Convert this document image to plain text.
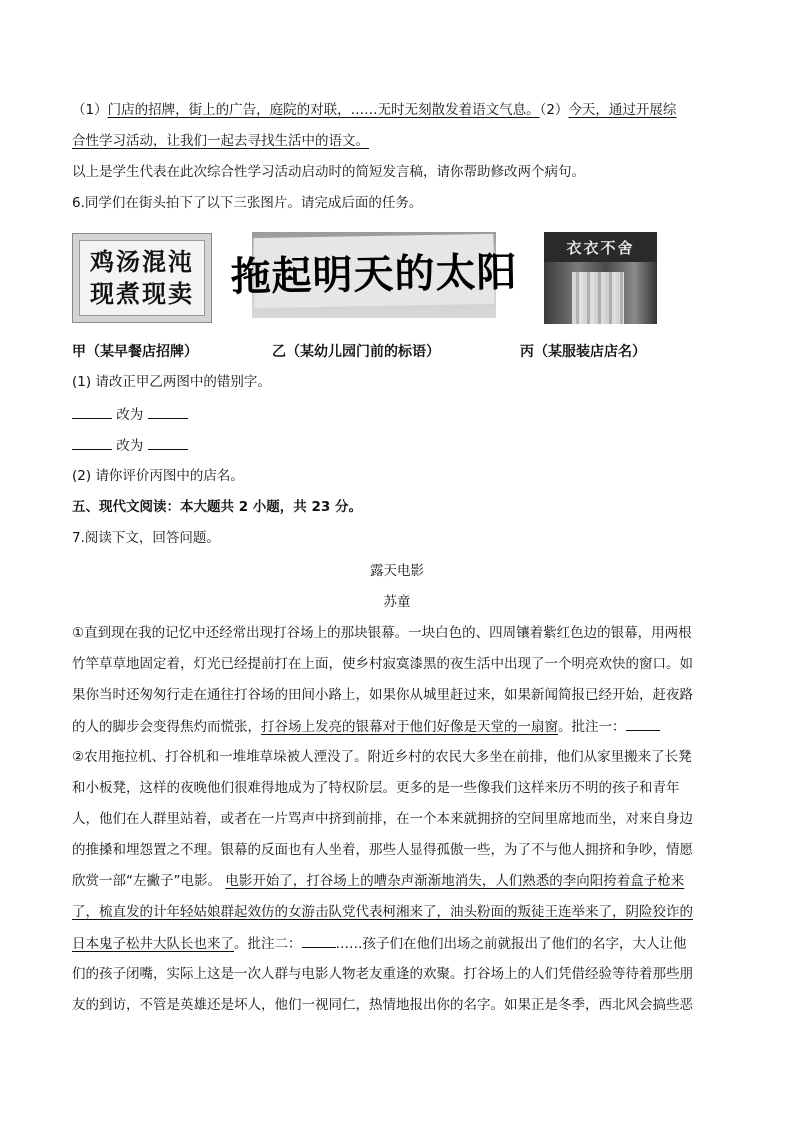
（1）门店的招牌，街上的广告，庭院的对联，……无时无刻散发着语文气息。（2）今天，通过开展综
合性学习活动，让我们一起去寻找生活中的语文。
以上是学生代表在此次综合性学习活动启动时的简短发言稿，请你帮助修改两个病句。
6.同学们在街头拍下了以下三张图片。请完成后面的任务。
鸡汤混沌
现煮现卖 拖起明天的太阳
衣衣不舍
甲（某早餐店招牌）	乙（某幼儿园门前的标语）	丙（某服装店店名）
(1) 请改正甲乙两图中的错别字。
改为
改为
(2) 请你评价丙图中的店名。
五、现代文阅读：本大题共 2 小题，共 23 分。
7.阅读下文，回答问题。
露天电影
苏童
①直到现在我的记忆中还经常出现打谷场上的那块银幕。一块白色的、四周镶着紫红色边的银幕，用两根
竹竿草草地固定着，灯光已经提前打在上面，使乡村寂寞漆黑的夜生活中出现了一个明亮欢快的窗口。如
果你当时还匆匆行走在通往打谷场的田间小路上，如果你从城里赶过来，如果新闻简报已经开始，赶夜路
的人的脚步会变得焦灼而慌张，打谷场上发亮的银幕对于他们好像是天堂的一扇窗。批注一：
②农用拖拉机、打谷机和一堆堆草垛被人湮没了。附近乡村的农民大多坐在前排，他们从家里搬来了长凳
和小板凳，这样的夜晚他们很难得地成为了特权阶层。更多的是一些像我们这样来历不明的孩子和青年
人，他们在人群里站着，或者在一片骂声中挤到前排，在一个本来就拥挤的空间里席地而坐，对来自身边
的推搡和埋怨置之不理。银幕的反面也有人坐着，那些人显得孤傲一些，为了不与他人拥挤和争吵，情愿
欣赏一部“左撇子”电影。 电影开始了，打谷场上的嘈杂声渐渐地消失，人们熟悉的李向阳挎着盒子枪来
了，梳直发的计年轻姑娘群起效仿的女游击队党代表柯湘来了，油头粉面的叛徒王连举来了，阴险狡诈的
日本鬼子松井大队长也来了。批注二：	……孩子们在他们出场之前就报出了他们的名字，大人让他
们的孩子闭嘴，实际上这是一次人群与电影人物老友重逢的欢聚。打谷场上的人们凭借经验等待着那些朋
友的到访，不管是英雄还是坏人，他们一视同仁，热情地报出你的名字。如果正是冬季，西北风会搞些恶
